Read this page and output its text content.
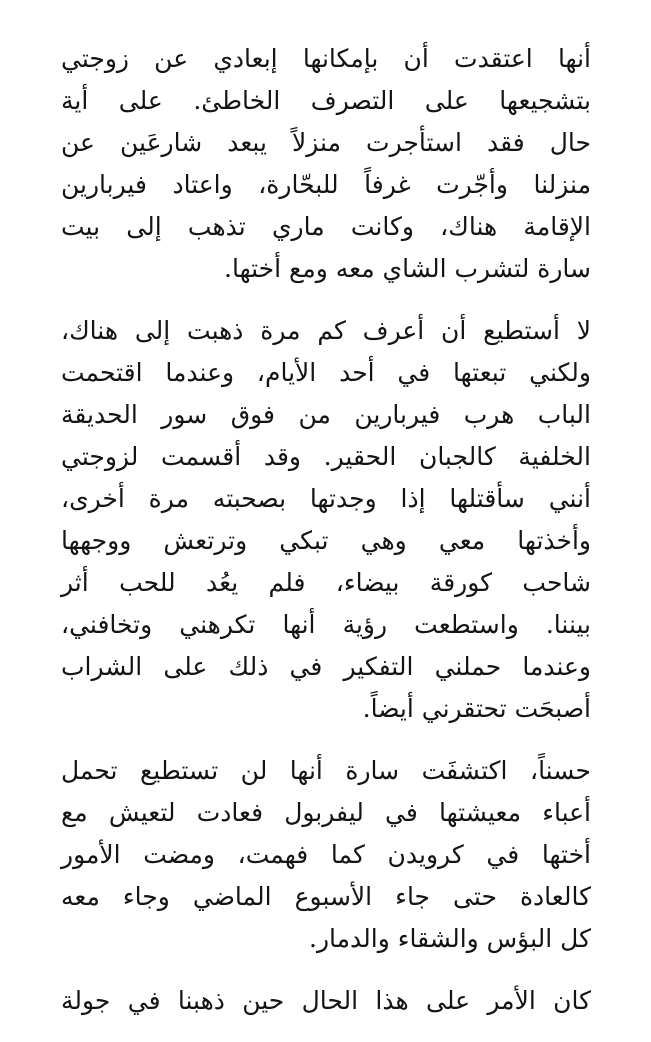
أنها اعتقدت أن بإمكانها إبعادي عن زوجتي
بتشجيعها على التصرف الخاطئ. على أية
حال فقد استأجرت منزلاً يبعد شارعَين عن
منزلنا وأجّرت غرفاً للبحّارة، واعتاد فيربارين
الإقامة هناك، وكانت ماري تذهب إلى بيت
سارة لتشرب الشاي معه ومع أختها.
لا أستطيع أن أعرف كم مرة ذهبت إلى هناك،
ولكني تبعتها في أحد الأيام، وعندما اقتحمت
الباب هرب فيربارين من فوق سور الحديقة
الخلفية كالجبان الحقير. وقد أقسمت لزوجتي
أنني سأقتلها إذا وجدتها بصحبته مرة أخرى،
وأخذتها معي وهي تبكي وترتعش ووجهها
شاحب كورقة بيضاء، فلم يعُد للحب أثر
بيننا. واستطعت رؤية أنها تكرهني وتخافني،
وعندما حملني التفكير في ذلك على الشراب
أصبحَت تحتقرني أيضاً.
حسناً، اكتشفَت سارة أنها لن تستطيع تحمل
أعباء معيشتها في ليفربول فعادت لتعيش مع
أختها في كرويدن كما فهمت، ومضت الأمور
كالعادة حتى جاء الأسبوع الماضي وجاء معه
كل البؤس والشقاء والدمار.
كان الأمر على هذا الحال حين ذهبنا في جولة
